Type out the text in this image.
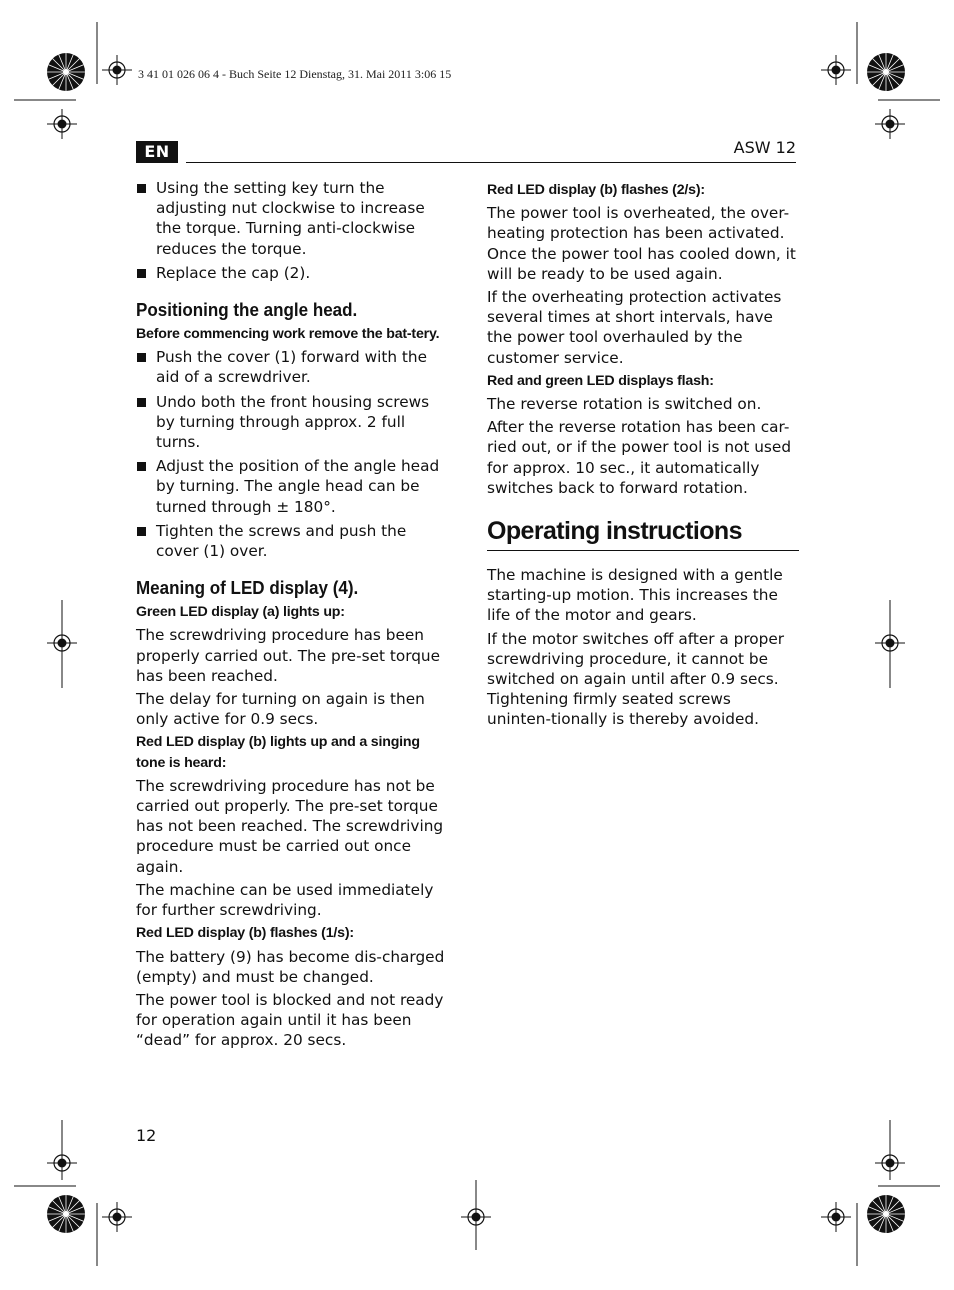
3 41 01 026 06 4 - Buch Seite 12 Dienstag, 31. Mai 2011 3:06 15
EN	ASW 12
Using the setting key turn the adjusting nut clockwise to increase the torque. Turning anti-clockwise reduces the torque.
Replace the cap (2).
Positioning the angle head.
Before commencing work remove the bat-tery.
Push the cover (1) forward with the aid of a screwdriver.
Undo both the front housing screws by turning through approx. 2 full turns.
Adjust the position of the angle head by turning. The angle head can be turned through ± 180°.
Tighten the screws and push the cover (1) over.
Meaning of LED display (4).
Green LED display (a) lights up:

The screwdriving procedure has been properly carried out. The pre-set torque has been reached.

The delay for turning on again is then only active for 0.9 secs.

Red LED display (b) lights up and a singing tone is heard:

The screwdriving procedure has not be carried out properly. The pre-set torque has not been reached. The screwdriving procedure must be carried out once again.

The machine can be used immediately for further screwdriving.

Red LED display (b) flashes (1/s):

The battery (9) has become dis-charged (empty) and must be changed.

The power tool is blocked and not ready for operation again until it has been “dead” for approx. 20 secs.

Red LED display (b) flashes (2/s):

The power tool is overheated, the over-heating protection has been activated. Once the power tool has cooled down, it will be ready to be used again.

If the overheating protection activates several times at short intervals, have the power tool overhauled by the customer service.

Red and green LED displays flash:

The reverse rotation is switched on.

After the reverse rotation has been car-ried out, or if the power tool is not used for approx. 10 sec., it automatically switches back to forward rotation.

Operating instructions

The machine is designed with a gentle starting-up motion. This increases the life of the motor and gears.

If the motor switches off after a proper screwdriving procedure, it cannot be switched on again until after 0.9 secs. Tightening firmly seated screws uninten-tionally is thereby avoided.

12
